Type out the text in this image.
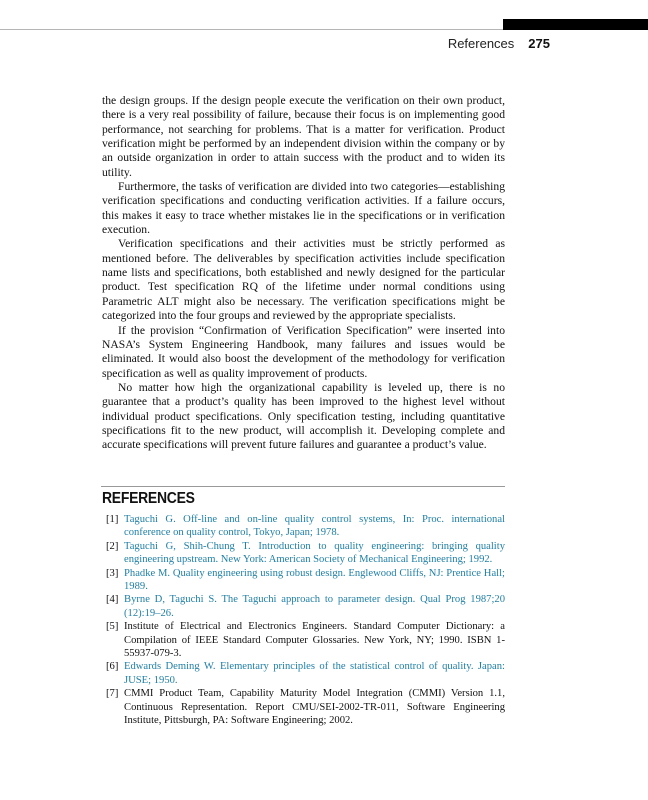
References 275

the design groups. If the design people execute the verification on their own product, there is a very real possibility of failure, because their focus is on implementing good performance, not searching for problems. That is a matter for verification. Product verification might be performed by an independent division within the company or by an outside organization in order to attain success with the product and to widen its utility.

Furthermore, the tasks of verification are divided into two categories—establishing verification specifications and conducting verification activities. If a failure occurs, this makes it easy to trace whether mistakes lie in the specifications or in verification execution.

Verification specifications and their activities must be strictly performed as mentioned before. The deliverables by specification activities include specification name lists and specifications, both established and newly designed for the particular product. Test specification RQ of the lifetime under normal conditions using Parametric ALT might also be necessary. The verification specifications might be categorized into the four groups and reviewed by the appropriate specialists.

If the provision “Confirmation of Verification Specification” were inserted into NASA’s System Engineering Handbook, many failures and issues would be eliminated. It would also boost the development of the methodology for verification specification as well as quality improvement of products.

No matter how high the organizational capability is leveled up, there is no guarantee that a product’s quality has been improved to the highest level without individual product specifications. Only specification testing, including quantitative specifications fit to the new product, will accomplish it. Developing complete and accurate specifications will prevent future failures and guarantee a product’s value.

REFERENCES
[1] Taguchi G. Off-line and on-line quality control systems, In: Proc. international conference on quality control, Tokyo, Japan; 1978.
[2] Taguchi G, Shih-Chung T. Introduction to quality engineering: bringing quality engineering upstream. New York: American Society of Mechanical Engineering; 1992.
[3] Phadke M. Quality engineering using robust design. Englewood Cliffs, NJ: Prentice Hall; 1989.
[4] Byrne D, Taguchi S. The Taguchi approach to parameter design. Qual Prog 1987;20 (12):19–26.
[5] Institute of Electrical and Electronics Engineers. Standard Computer Dictionary: a Compilation of IEEE Standard Computer Glossaries. New York, NY; 1990. ISBN 1-55937-079-3.
[6] Edwards Deming W. Elementary principles of the statistical control of quality. Japan: JUSE; 1950.
[7] CMMI Product Team, Capability Maturity Model Integration (CMMI) Version 1.1, Continuous Representation. Report CMU/SEI-2002-TR-011, Software Engineering Institute, Pittsburgh, PA: Software Engineering; 2002.
